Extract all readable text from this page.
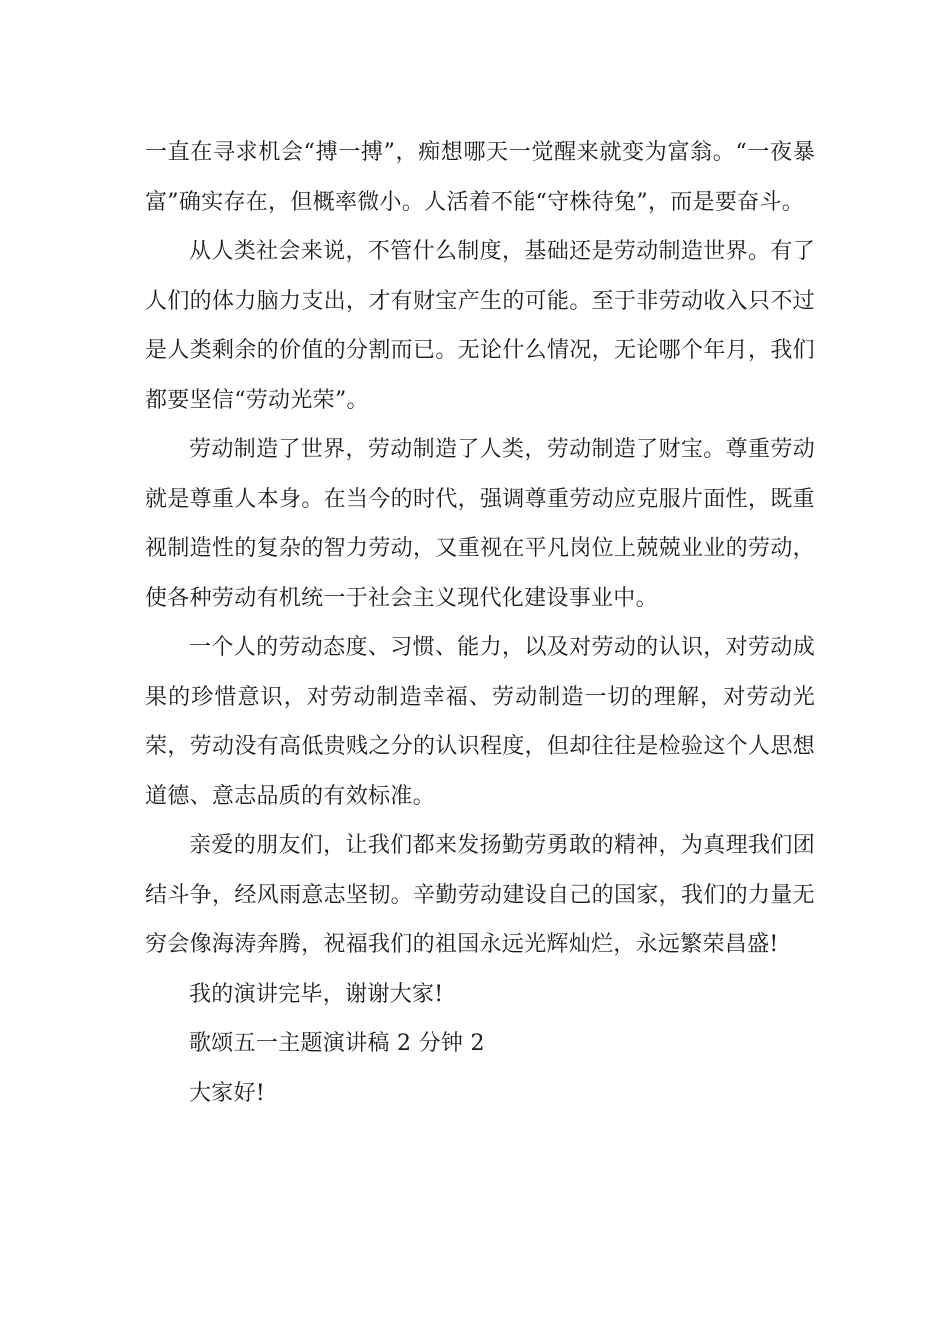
一直在寻求机会“搏一搏”，痴想哪天一觉醒来就变为富翁。“一夜暴富”确实存在，但概率微小。人活着不能“守株待兔”，而是要奋斗。

从人类社会来说，不管什么制度，基础还是劳动制造世界。有了人们的体力脑力支出，才有财宝产生的可能。至于非劳动收入只不过是人类剩余的价值的分割而已。无论什么情况，无论哪个年月，我们都要坚信“劳动光荣”。

劳动制造了世界，劳动制造了人类，劳动制造了财宝。尊重劳动就是尊重人本身。在当今的时代，强调尊重劳动应克服片面性，既重视制造性的复杂的智力劳动，又重视在平凡岗位上兢兢业业的劳动，使各种劳动有机统一于社会主义现代化建设事业中。

一个人的劳动态度、习惯、能力，以及对劳动的认识，对劳动成果的珍惜意识，对劳动制造幸福、劳动制造一切的理解，对劳动光荣，劳动没有高低贵贱之分的认识程度，但却往往是检验这个人思想道德、意志品质的有效标准。

亲爱的朋友们，让我们都来发扬勤劳勇敢的精神，为真理我们团结斗争，经风雨意志坚韧。辛勤劳动建设自己的国家，我们的力量无穷会像海涛奔腾，祝福我们的祖国永远光辉灿烂，永远繁荣昌盛!

我的演讲完毕，谢谢大家!

歌颂五一主题演讲稿 2 分钟 2

大家好!
